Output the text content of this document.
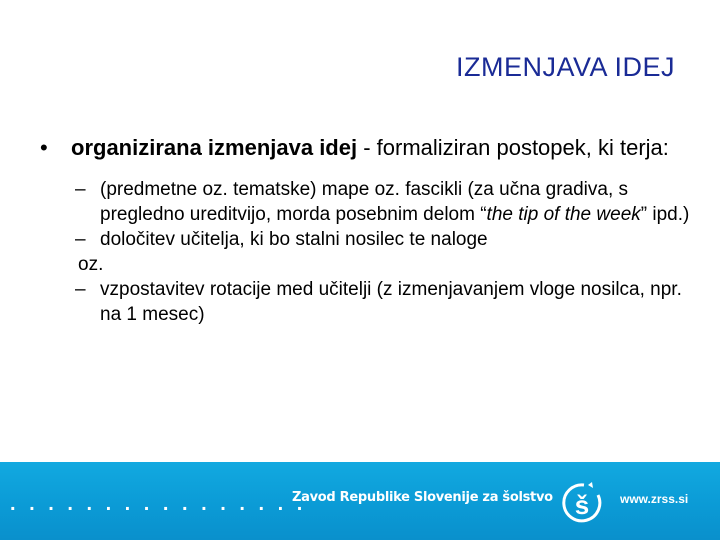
IZMENJAVA IDEJ
• organizirana izmenjava idej - formaliziran postopek, ki terja:
– (predmetne oz. tematske) mape oz. fascikli (za učna gradiva, s pregledno ureditvijo, morda posebnim delom “the tip of the week” ipd.)
– določitev učitelja, ki bo stalni nosilec te naloge
oz.
– vzpostavitev rotacije med učitelji (z izmenjavanjem vloge nosilca, npr. na 1 mesec)
. . . . . . . . . . . . . . . .
Zavod Republike Slovenije za šolstvo š	www.zrss.si
